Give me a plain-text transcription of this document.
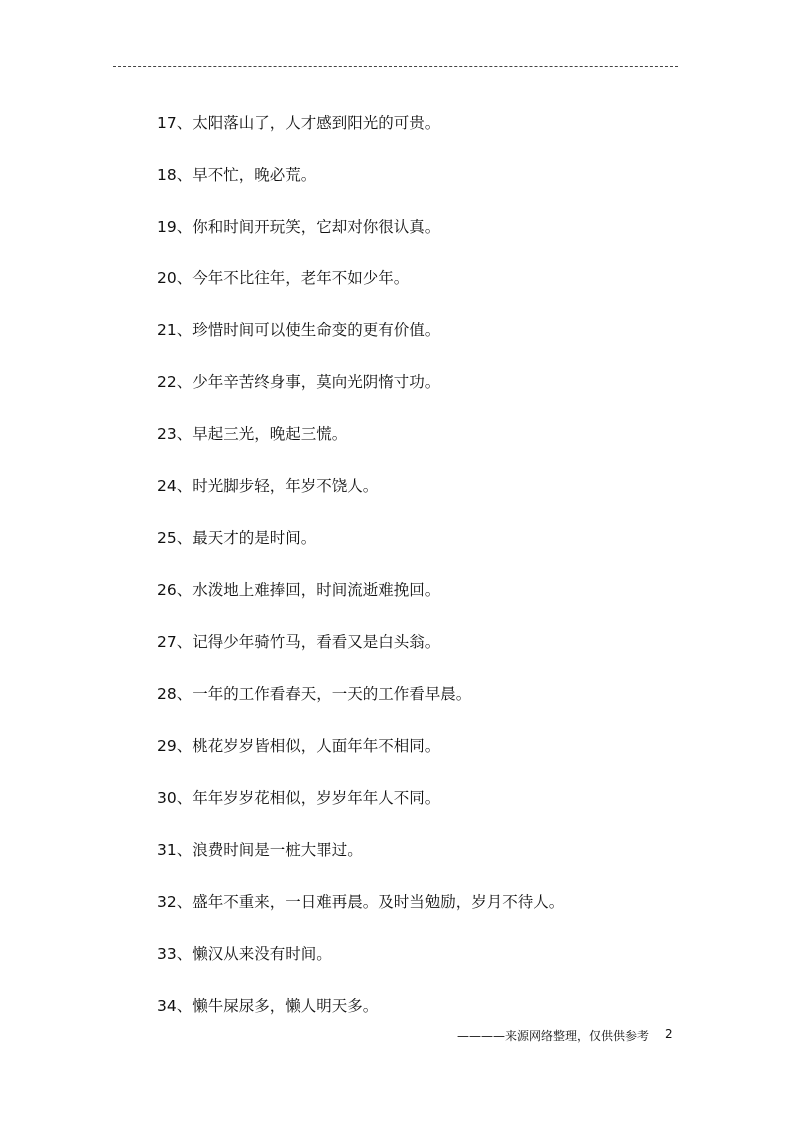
17、太阳落山了，人才感到阳光的可贵。
18、早不忙，晚必荒。
19、你和时间开玩笑，它却对你很认真。
20、今年不比往年，老年不如少年。
21、珍惜时间可以使生命变的更有价值。
22、少年辛苦终身事，莫向光阴惰寸功。
23、早起三光，晚起三慌。
24、时光脚步轻，年岁不饶人。
25、最天才的是时间。
26、水泼地上难捧回，时间流逝难挽回。
27、记得少年骑竹马，看看又是白头翁。
28、一年的工作看春天，一天的工作看早晨。
29、桃花岁岁皆相似，人面年年不相同。
30、年年岁岁花相似，岁岁年年人不同。
31、浪费时间是一桩大罪过。
32、盛年不重来，一日难再晨。及时当勉励，岁月不待人。
33、懒汉从来没有时间。
34、懒牛屎尿多，懒人明天多。
————来源网络整理，仅供供参考 2
